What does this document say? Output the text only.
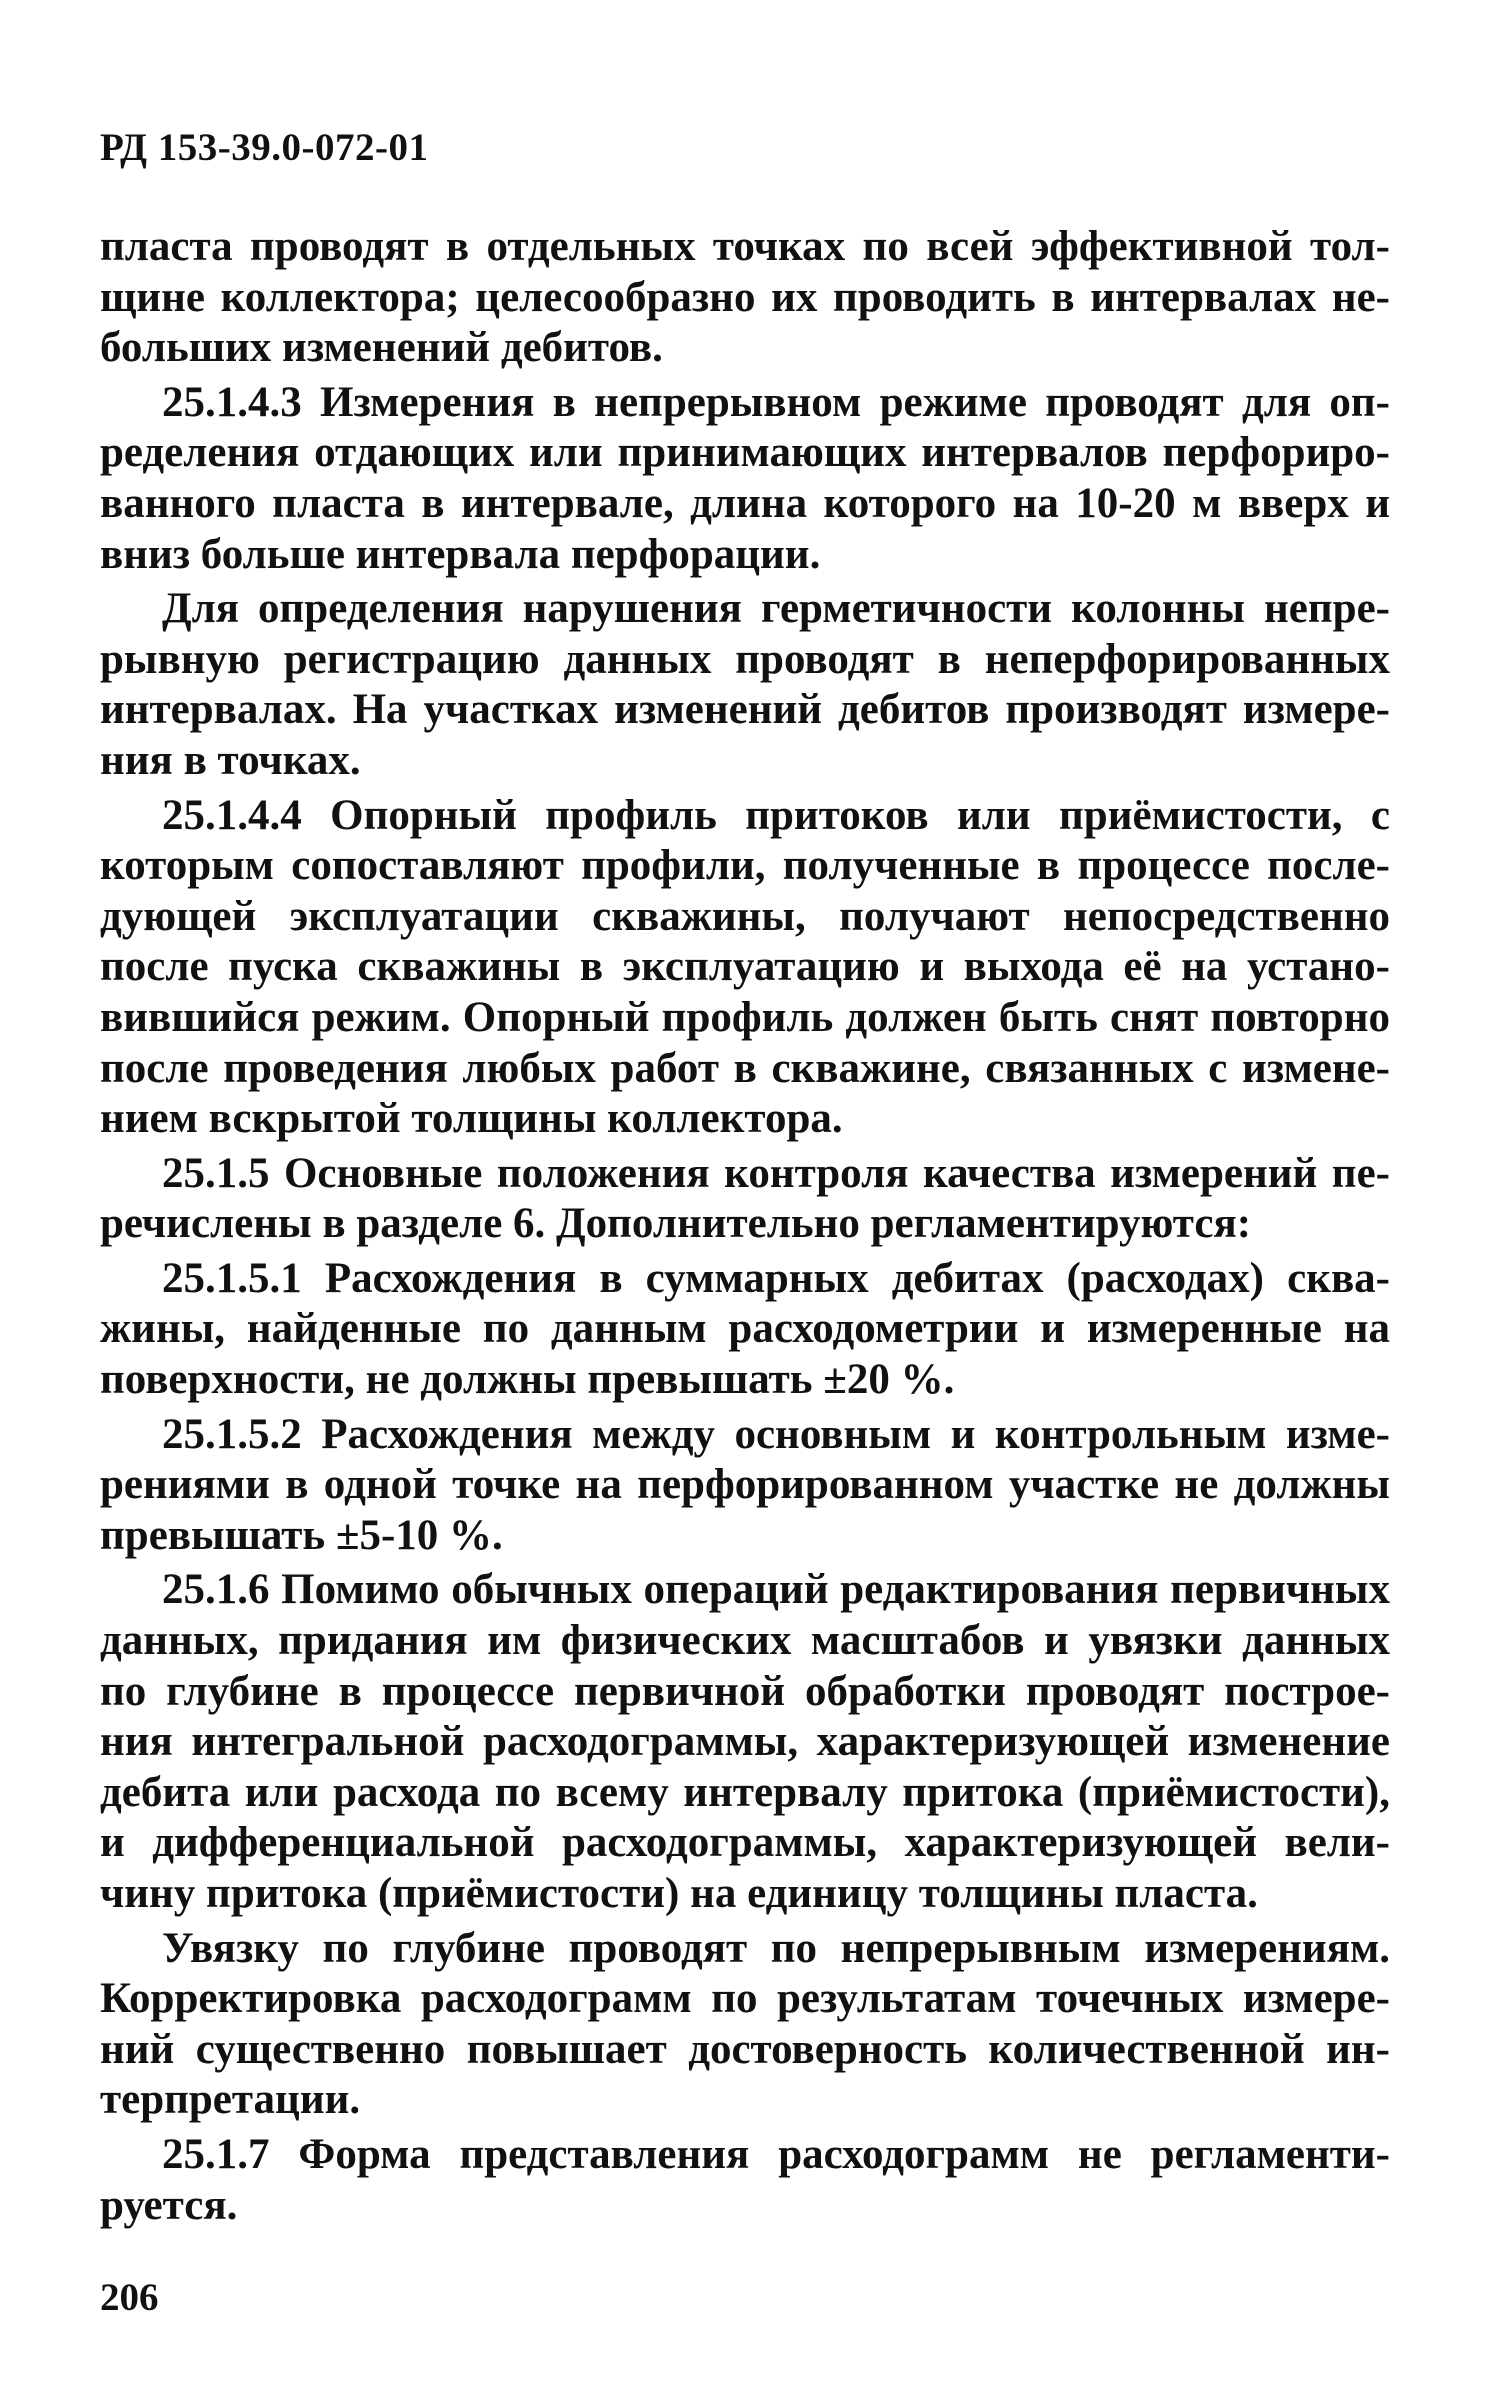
РД 153-39.0-072-01
пласта проводят в отдельных точках по всей эффективной тол-
щине коллектора; целесообразно их проводить в интервалах не-
больших изменений дебитов.
25.1.4.3 Измерения в непрерывном режиме проводят для оп-
ределения отдающих или принимающих интервалов перфориро-
ванного пласта в интервале, длина которого на 10-20 м вверх и
вниз больше интервала перфорации.
Для определения нарушения герметичности колонны непре-
рывную регистрацию данных проводят в неперфорированных
интервалах. На участках изменений дебитов производят измере-
ния в точках.
25.1.4.4 Опорный профиль притоков или приёмистости, с
которым сопоставляют профили, полученные в процессе после-
дующей эксплуатации скважины, получают непосредственно
после пуска скважины в эксплуатацию и выхода её на устано-
вившийся режим. Опорный профиль должен быть снят повторно
после проведения любых работ в скважине, связанных с измене-
нием вскрытой толщины коллектора.
25.1.5 Основные положения контроля качества измерений пе-
речислены в разделе 6. Дополнительно регламентируются:
25.1.5.1 Расхождения в суммарных дебитах (расходах) сква-
жины, найденные по данным расходометрии и измеренные на
поверхности, не должны превышать ±20 %.
25.1.5.2 Расхождения между основным и контрольным изме-
рениями в одной точке на перфорированном участке не должны
превышать ±5-10 %.
25.1.6 Помимо обычных операций редактирования первичных
данных, придания им физических масштабов и увязки данных
по глубине в процессе первичной обработки проводят построе-
ния интегральной расходограммы, характеризующей изменение
дебита или расхода по всему интервалу притока (приёмистости),
и дифференциальной расходограммы, характеризующей вели-
чину притока (приёмистости) на единицу толщины пласта.
Увязку по глубине проводят по непрерывным измерениям.
Корректировка расходограмм по результатам точечных измере-
ний существенно повышает достоверность количественной ин-
терпретации.
25.1.7 Форма представления расходограмм не регламенти-
руется.
206
